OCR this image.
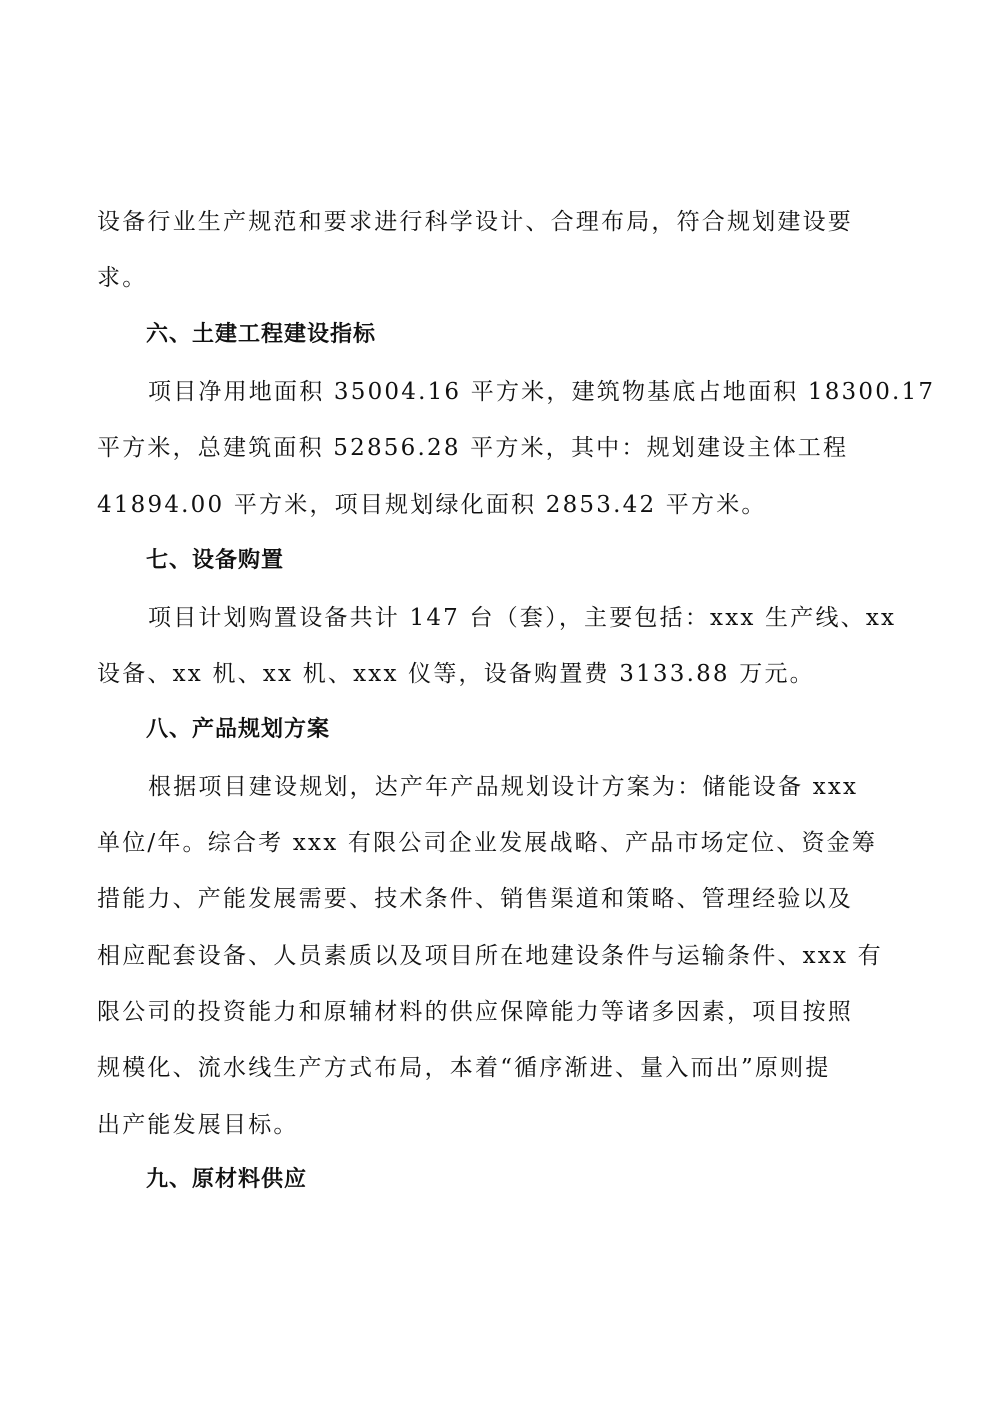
设备行业生产规范和要求进行科学设计、合理布局，符合规划建设要
求。
六、土建工程建设指标
项目净用地面积 35004.16 平方米，建筑物基底占地面积 18300.17
平方米，总建筑面积 52856.28 平方米，其中：规划建设主体工程
41894.00 平方米，项目规划绿化面积 2853.42 平方米。
七、设备购置
项目计划购置设备共计 147 台（套），主要包括：xxx 生产线、xx
设备、xx 机、xx 机、xxx 仪等，设备购置费 3133.88 万元。
八、产品规划方案
根据项目建设规划，达产年产品规划设计方案为：储能设备 xxx
单位/年。综合考 xxx 有限公司企业发展战略、产品市场定位、资金筹
措能力、产能发展需要、技术条件、销售渠道和策略、管理经验以及
相应配套设备、人员素质以及项目所在地建设条件与运输条件、xxx 有
限公司的投资能力和原辅材料的供应保障能力等诸多因素，项目按照
规模化、流水线生产方式布局，本着“循序渐进、量入而出”原则提
出产能发展目标。
九、原材料供应
